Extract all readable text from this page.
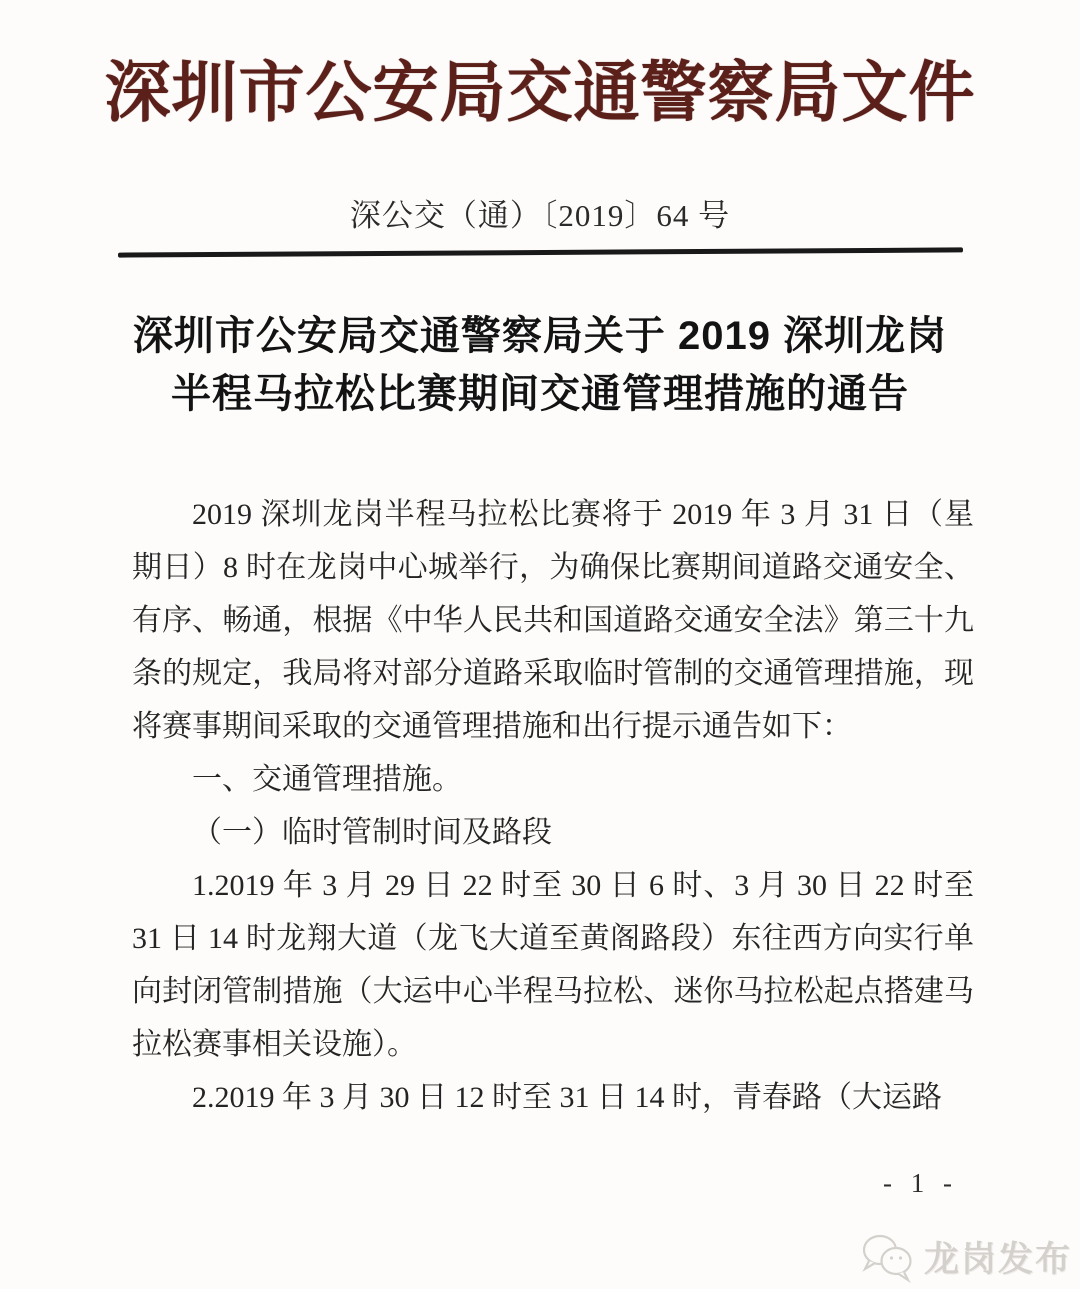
深圳市公安局交通警察局文件
深公交（通）〔2019〕64 号
深圳市公安局交通警察局关于 2019 深圳龙岗
半程马拉松比赛期间交通管理措施的通告

2019 深圳龙岗半程马拉松比赛将于 2019 年 3 月 31 日（星期日）8 时在龙岗中心城举行，为确保比赛期间道路交通安全、有序、畅通，根据《中华人民共和国道路交通安全法》第三十九条的规定，我局将对部分道路采取临时管制的交通管理措施，现将赛事期间采取的交通管理措施和出行提示通告如下：

一、交通管理措施。

（一）临时管制时间及路段

1.2019 年 3 月 29 日 22 时至 30 日 6 时、3 月 30 日 22 时至 31 日 14 时龙翔大道（龙飞大道至黄阁路段）东往西方向实行单向封闭管制措施（大运中心半程马拉松、迷你马拉松起点搭建马拉松赛事相关设施）。

2.2019 年 3 月 30 日 12 时至 31 日 14 时，青春路（大运路

- 1 -
龙岗发布
